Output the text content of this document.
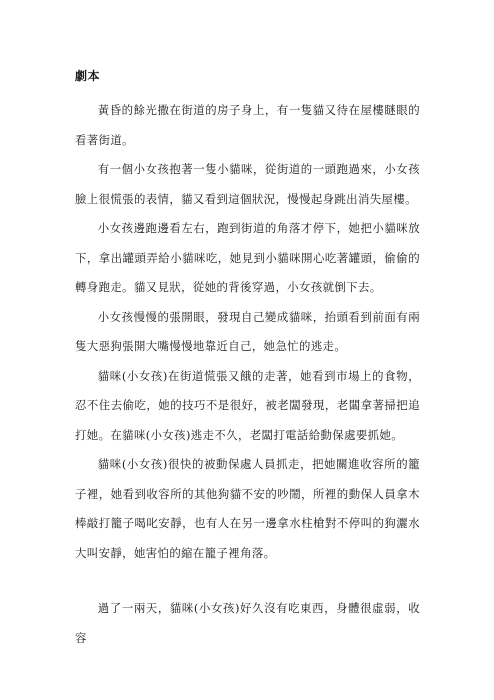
劇本

黃昏的餘光撒在街道的房子身上，有一隻貓又待在屋樓瞇眼的看著街道。

有一個小女孩抱著一隻小貓咪，從街道的一頭跑過來，小女孩臉上很慌張的表情，貓又看到這個狀況，慢慢起身跳出消失屋樓。

小女孩邊跑邊看左右，跑到街道的角落才停下，她把小貓咪放下，拿出罐頭弄給小貓咪吃，她見到小貓咪開心吃著罐頭，偷偷的轉身跑走。貓又見狀，從她的背後穿過，小女孩就倒下去。

小女孩慢慢的張開眼，發現自己變成貓咪，抬頭看到前面有兩隻大惡狗張開大嘴慢慢地靠近自己，她急忙的逃走。

貓咪(小女孩)在街道慌張又餓的走著，她看到市場上的食物，忍不住去偷吃，她的技巧不是很好，被老闆發現，老闆拿著掃把追打她。在貓咪(小女孩)逃走不久，老闆打電話給動保處要抓她。

貓咪(小女孩)很快的被動保處人員抓走，把她關進收容所的籠子裡，她看到收容所的其他狗貓不安的吵鬧，所裡的動保人員拿木棒敲打籠子喝叱安靜，也有人在另一邊拿水柱槍對不停叫的狗灑水大叫安靜，她害怕的縮在籠子裡角落。

過了一兩天，貓咪(小女孩)好久沒有吃東西，身體很虛弱，收容
